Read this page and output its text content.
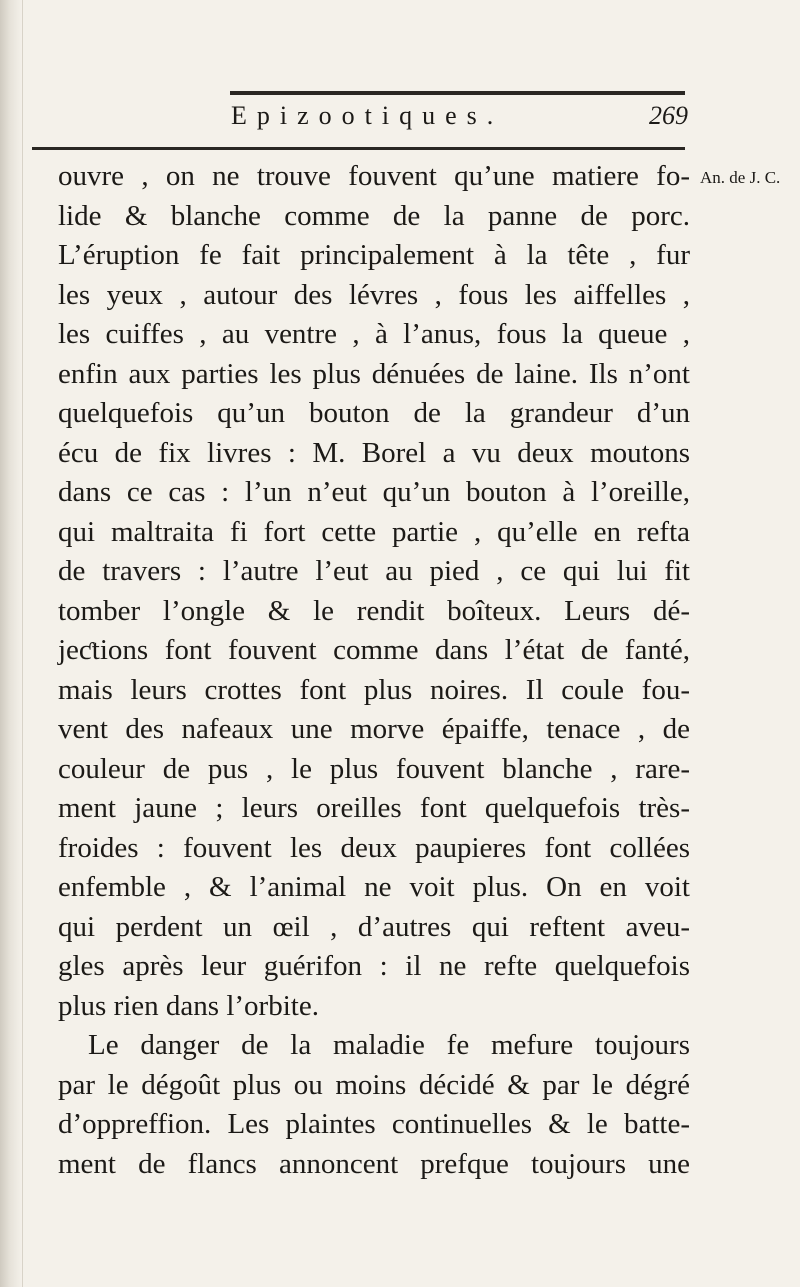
Epizootiques.	269
An. de J. C.
ouvre , on ne trouve fouvent qu’une matiere fo-
lide & blanche comme de la panne de porc.
L’éruption fe fait principalement à la tête , fur
les yeux , autour des lévres , fous les aiffelles ,
les cuiffes , au ventre , à l’anus, fous la queue ,
enfin aux parties les plus dénuées de laine. Ils n’ont
quelquefois qu’un bouton de la grandeur d’un
écu de fix livres : M. Borel a vu deux moutons
dans ce cas : l’un n’eut qu’un bouton à l’oreille,
qui maltraita fi fort cette partie , qu’elle en refta
de travers : l’autre l’eut au pied , ce qui lui fit
tomber l’ongle & le rendit boîteux. Leurs dé-
jeƈtions font fouvent comme dans l’état de fanté,
mais leurs crottes font plus noires. Il coule fou-
vent des nafeaux une morve épaiffe, tenace , de
couleur de pus , le plus fouvent blanche , rare-
ment jaune ; leurs oreilles font quelquefois très-
froides : fouvent les deux paupieres font collées
enfemble , & l’animal ne voit plus. On en voit
qui perdent un œil , d’autres qui reftent aveu-
gles après leur guérifon : il ne refte quelquefois
plus rien dans l’orbite.
Le danger de la maladie fe mefure toujours
par le dégoût plus ou moins décidé & par le dégré
d’oppreffion. Les plaintes continuelles & le batte-
ment de flancs annoncent prefque toujours une
